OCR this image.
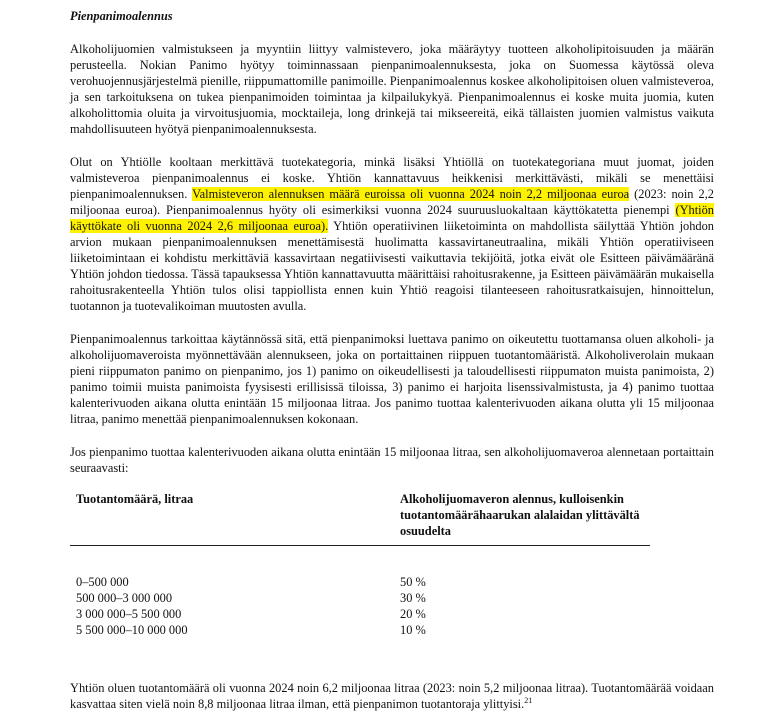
Pienpanimoalennus

Alkoholijuomien valmistukseen ja myyntiin liittyy valmistevero, joka määräytyy tuotteen alkoholipitoisuuden ja määrän perusteella. Nokian Panimo hyötyy toiminnassaan pienpanimoalennuksesta, joka on Suomessa käytössä oleva verohuojennusjärjestelmä pienille, riippumattomille panimoille. Pienpanimoalennus koskee alkoholipitoisen oluen valmisteveroa, ja sen tarkoituksena on tukea pienpanimoiden toimintaa ja kilpailukykyä. Pienpanimoalennus ei koske muita juomia, kuten alkoholittomia oluita ja virvoitusjuomia, mocktaileja, long drinkejä tai mikseereitä, eikä tällaisten juomien valmistus vaikuta mahdollisuuteen hyötyä pienpanimoalennuksesta.

Olut on Yhtiölle kooltaan merkittävä tuotekategoria, minkä lisäksi Yhtiöllä on tuotekategoriana muut juomat, joiden valmisteveroa pienpanimoalennus ei koske. Yhtiön kannattavuus heikkenisi merkittävästi, mikäli se menettäisi pienpanimoalennuksen. Valmisteveron alennuksen määrä euroissa oli vuonna 2024 noin 2,2 miljoonaa euroa (2023: noin 2,2 miljoonaa euroa). Pienpanimoalennus hyöty oli esimerkiksi vuonna 2024 suuruusluokaltaan käyttökatetta pienempi (Yhtiön käyttökate oli vuonna 2024 2,6 miljoonaa euroa). Yhtiön operatiivinen liiketoiminta on mahdollista säilyttää Yhtiön johdon arvion mukaan pienpanimoalennuksen menettämisestä huolimatta kassavirtaneutraalina, mikäli Yhtiön operatiiviseen liiketoimintaan ei kohdistu merkittäviä kassavirtaan negatiivisesti vaikuttavia tekijöitä, jotka eivät ole Esitteen päivämääränä Yhtiön johdon tiedossa. Tässä tapauksessa Yhtiön kannattavuutta määrittäisi rahoitusrakenne, ja Esitteen päivämäärän mukaisella rahoitusrakenteella Yhtiön tulos olisi tappiollista ennen kuin Yhtiö reagoisi tilanteeseen rahoitusratkaisujen, hinnoittelun, tuotannon ja tuotevalikoiman muutosten avulla.

Pienpanimoalennus tarkoittaa käytännössä sitä, että pienpanimoksi luettava panimo on oikeutettu tuottamansa oluen alkoholi- ja alkoholijuomaveroista myönnettävään alennukseen, joka on portaittainen riippuen tuotantomääristä. Alkoholiverolain mukaan pieni riippumaton panimo on pienpanimo, jos 1) panimo on oikeudellisesti ja taloudellisesti riippumaton muista panimoista, 2) panimo toimii muista panimoista fyysisesti erillisissä tiloissa, 3) panimo ei harjoita lisenssivalmistusta, ja 4) panimo tuottaa kalenterivuoden aikana olutta enintään 15 miljoonaa litraa. Jos panimo tuottaa kalenterivuoden aikana olutta yli 15 miljoonaa litraa, panimo menettää pienpanimoalennuksen kokonaan.

Jos pienpanimo tuottaa kalenterivuoden aikana olutta enintään 15 miljoonaa litraa, sen alkoholijuomaveroa alennetaan portaittain seuraavasti:

Tuotantomäärä, litraa	Alkoholijuomaveron alennus, kulloisenkin tuotantomäärähaarukan alalaidan ylittävältä osuudelta
0–500 000	50 %
500 000–3 000 000	30 %
3 000 000–5 500 000	20 %
5 500 000–10 000 000	10 %

Yhtiön oluen tuotantomäärä oli vuonna 2024 noin 6,2 miljoonaa litraa (2023: noin 5,2 miljoonaa litraa). Tuotantomäärää voidaan kasvattaa siten vielä noin 8,8 miljoonaa litraa ilman, että pienpanimon tuotantoraja ylittyisi.$^{21}$
